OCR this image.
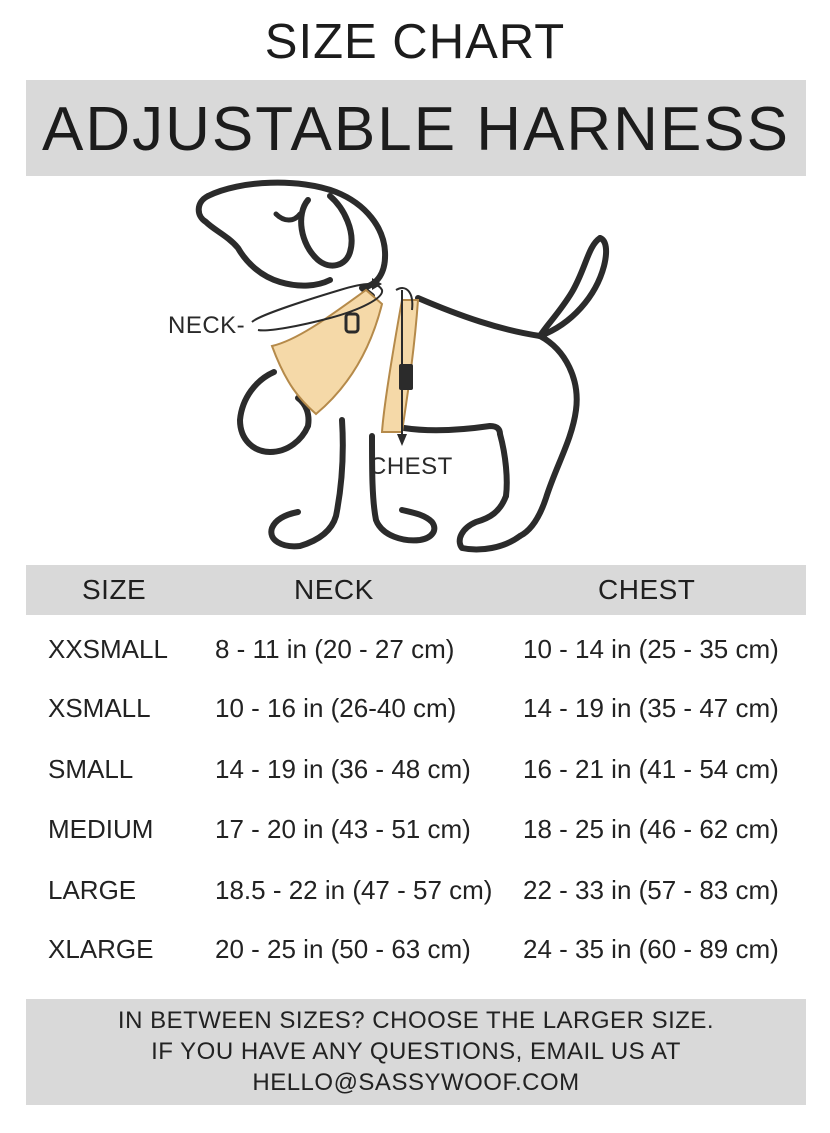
SIZE CHART
ADJUSTABLE HARNESS
NECK-
CHEST
SIZE	NECK	CHEST
XXSMALL 8 - 11 in (20 - 27 cm)	10 - 14 in (25 - 35 cm)
XSMALL 10 - 16 in (26-40 cm)	14 - 19 in (35 - 47 cm)
SMALL	14 - 19 in (36 - 48 cm) 16 - 21 in (41 - 54 cm)
MEDIUM 17 - 20 in (43 - 51 cm) 18 - 25 in (46 - 62 cm)
LARGE	18.5 - 22 in (47 - 57 cm) 22 - 33 in (57 - 83 cm)
XLARGE 20 - 25 in (50 - 63 cm) 24 - 35 in (60 - 89 cm)
IN BETWEEN SIZES? CHOOSE THE LARGER SIZE.
IF YOU HAVE ANY QUESTIONS, EMAIL US AT
HELLO@SASSYWOOF.COM
